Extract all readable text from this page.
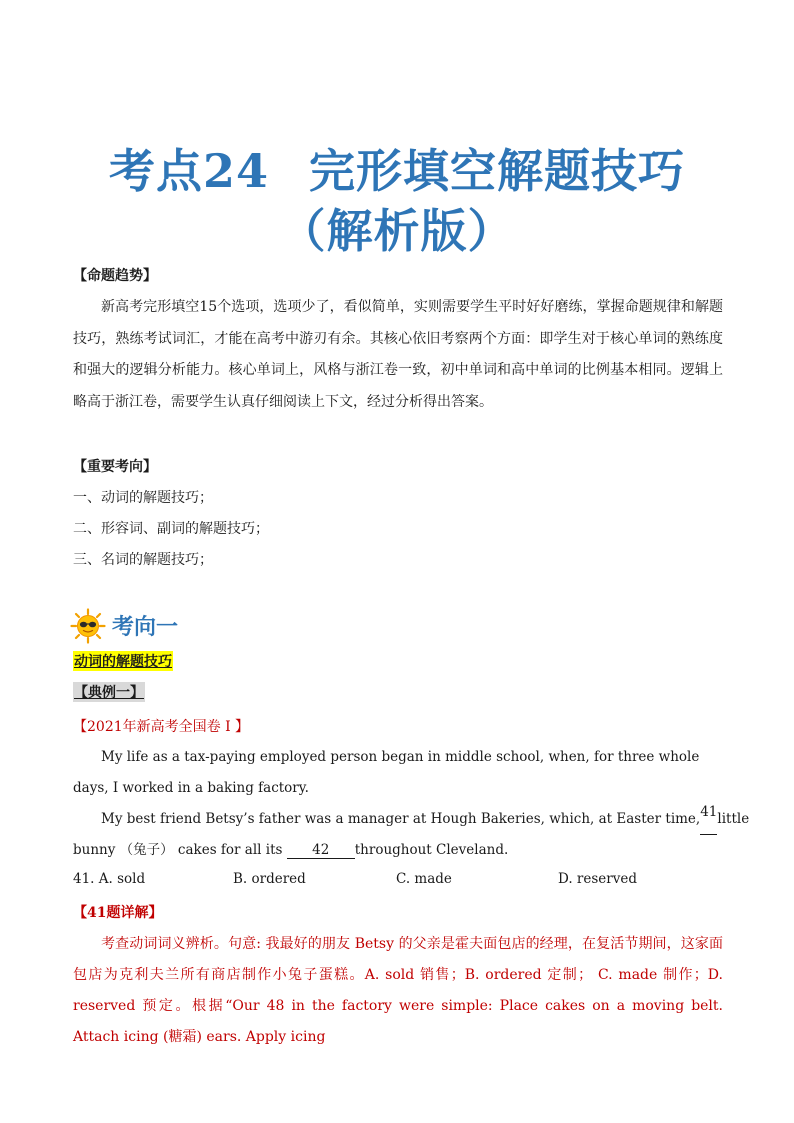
考点24 完形填空解题技巧
（解析版）
【命题趋势】
新高考完形填空15个选项，选项少了，看似简单，实则需要学生平时好好磨练，掌握命题规律和解题技巧，熟练考试词汇，才能在高考中游刃有余。其核心依旧考察两个方面：即学生对于核心单词的熟练度和强大的逻辑分析能力。核心单词上，风格与浙江卷一致，初中单词和高中单词的比例基本相同。逻辑上略高于浙江卷，需要学生认真仔细阅读上下文，经过分析得出答案。
【重要考向】
一、动词的解题技巧；
二、形容词、副词的解题技巧；
三、名词的解题技巧；
考向一
动词的解题技巧
【典例一】
【2021年新高考全国卷 I 】
My life as a tax-paying employed person began in middle school, when, for three whole days, I worked in a baking factory.
My best friend Betsy’s father was a manager at Hough Bakeries, which, at Easter time, 41 little
bunny （兔子） cakes for all its 42 throughout Cleveland.
41. A. sold	B. ordered	C. made	D. reserved
【41题详解】
考查动词词义辨析。句意: 我最好的朋友 Betsy 的父亲是霍夫面包店的经理，在复活节期间，这家面包店为克利夫兰所有商店制作小兔子蛋糕。A. sold 销售；B. ordered 定制； C. made 制作；D. reserved 预定。根据“Our 48 in the factory were simple: Place cakes on a moving belt. Attach icing (糖霜) ears. Apply icing
